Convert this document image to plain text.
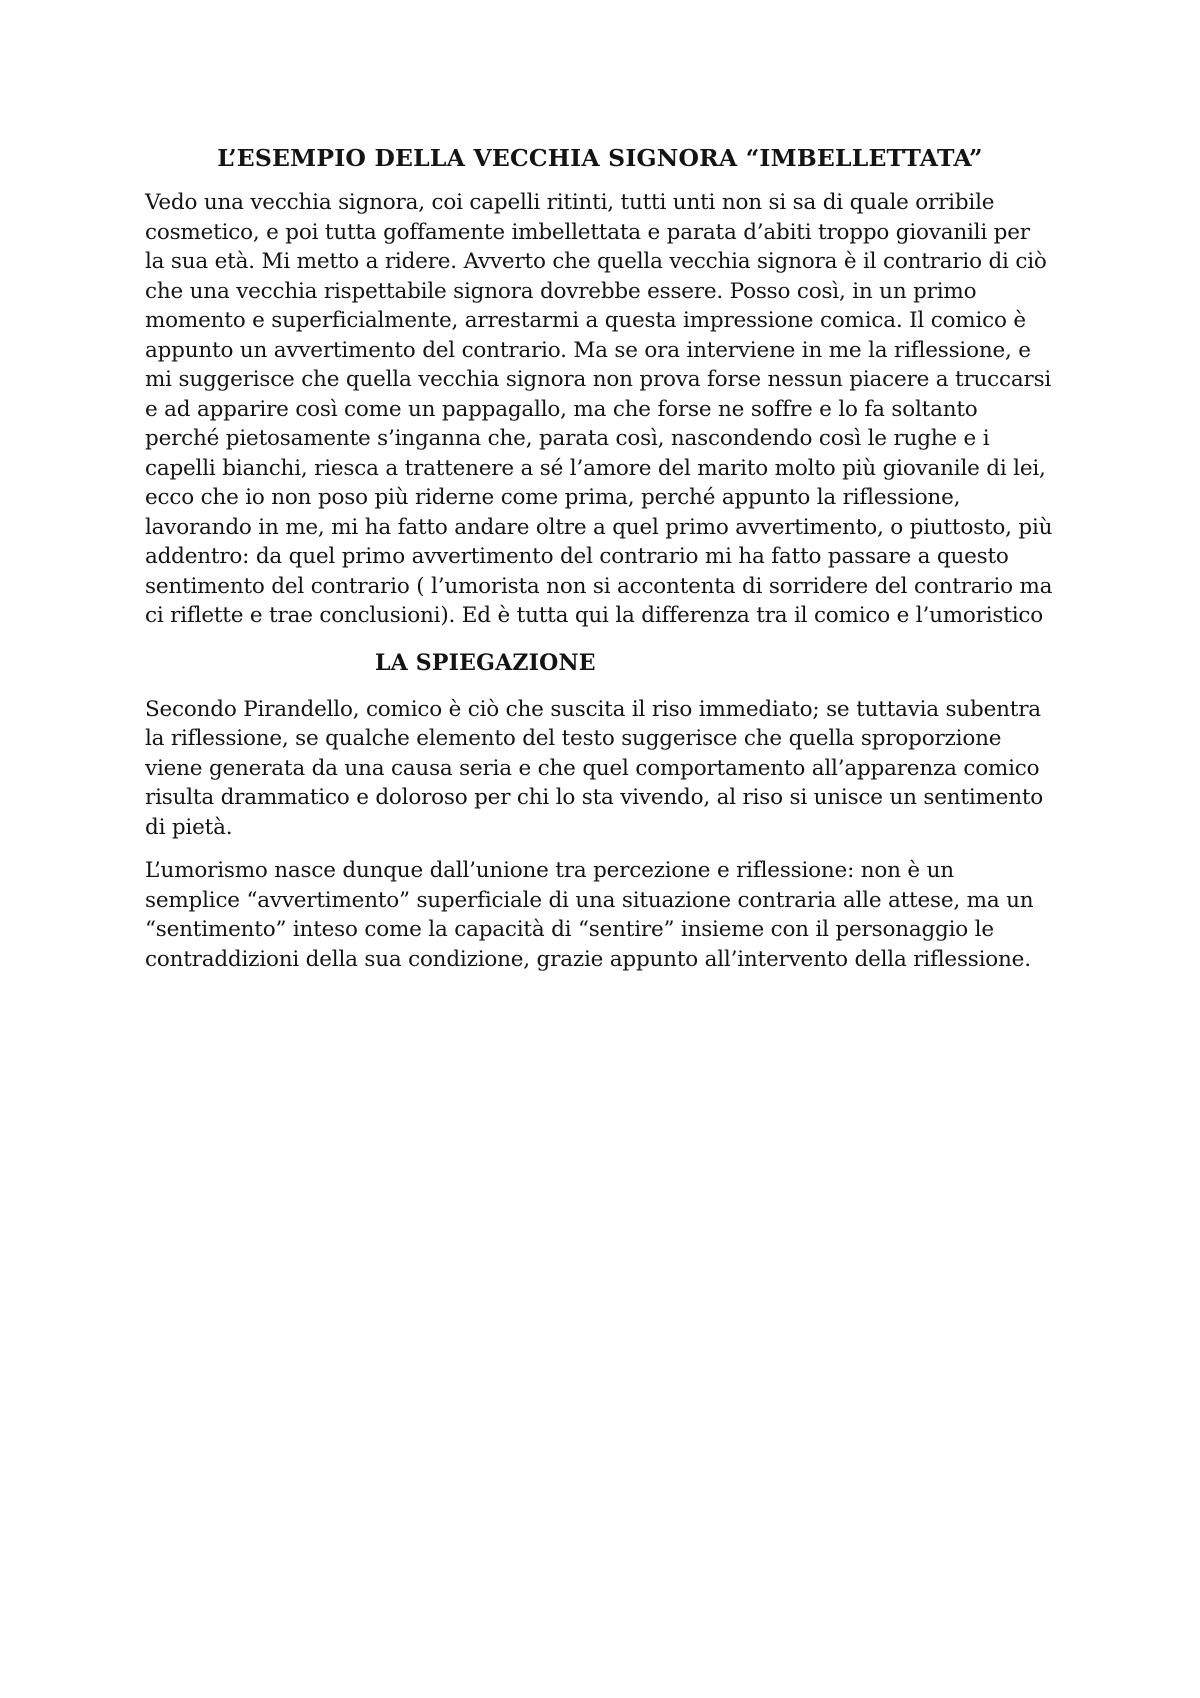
L’ESEMPIO DELLA VECCHIA SIGNORA “IMBELLETTATA”

Vedo una vecchia signora, coi capelli ritinti, tutti unti non si sa di quale orribile cosmetico, e poi tutta goffamente imbellettata e parata d’abiti troppo giovanili per la sua età. Mi metto a ridere. Avverto che quella vecchia signora è il contrario di ciò che una vecchia rispettabile signora dovrebbe essere. Posso così, in un primo momento e superficialmente, arrestarmi a questa impressione comica. Il comico è appunto un avvertimento del contrario. Ma se ora interviene in me la riflessione, e mi suggerisce che quella vecchia signora non prova forse nessun piacere a truccarsi e ad apparire così come un pappagallo, ma che forse ne soffre e lo fa soltanto perché pietosamente s’inganna che, parata così, nascondendo così le rughe e i capelli bianchi, riesca a trattenere a sé l’amore del marito molto più giovanile di lei, ecco che io non poso più riderne come prima, perché appunto la riflessione, lavorando in me, mi ha fatto andare oltre a quel primo avvertimento, o piuttosto, più addentro: da quel primo avvertimento del contrario mi ha fatto passare a questo sentimento del contrario ( l’umorista non si accontenta di sorridere del contrario ma ci riflette e trae conclusioni). Ed è tutta qui la differenza tra il comico e l’umoristico

LA SPIEGAZIONE

Secondo Pirandello, comico è ciò che suscita il riso immediato; se tuttavia subentra la riflessione, se qualche elemento del testo suggerisce che quella sproporzione viene generata da una causa seria e che quel comportamento all’apparenza comico risulta drammatico e doloroso per chi lo sta vivendo, al riso si unisce un sentimento di pietà.

L’umorismo nasce dunque dall’unione tra percezione e riflessione: non è un semplice “avvertimento” superficiale di una situazione contraria alle attese, ma un “sentimento” inteso come la capacità di “sentire” insieme con il personaggio le contraddizioni della sua condizione, grazie appunto all’intervento della riflessione.
